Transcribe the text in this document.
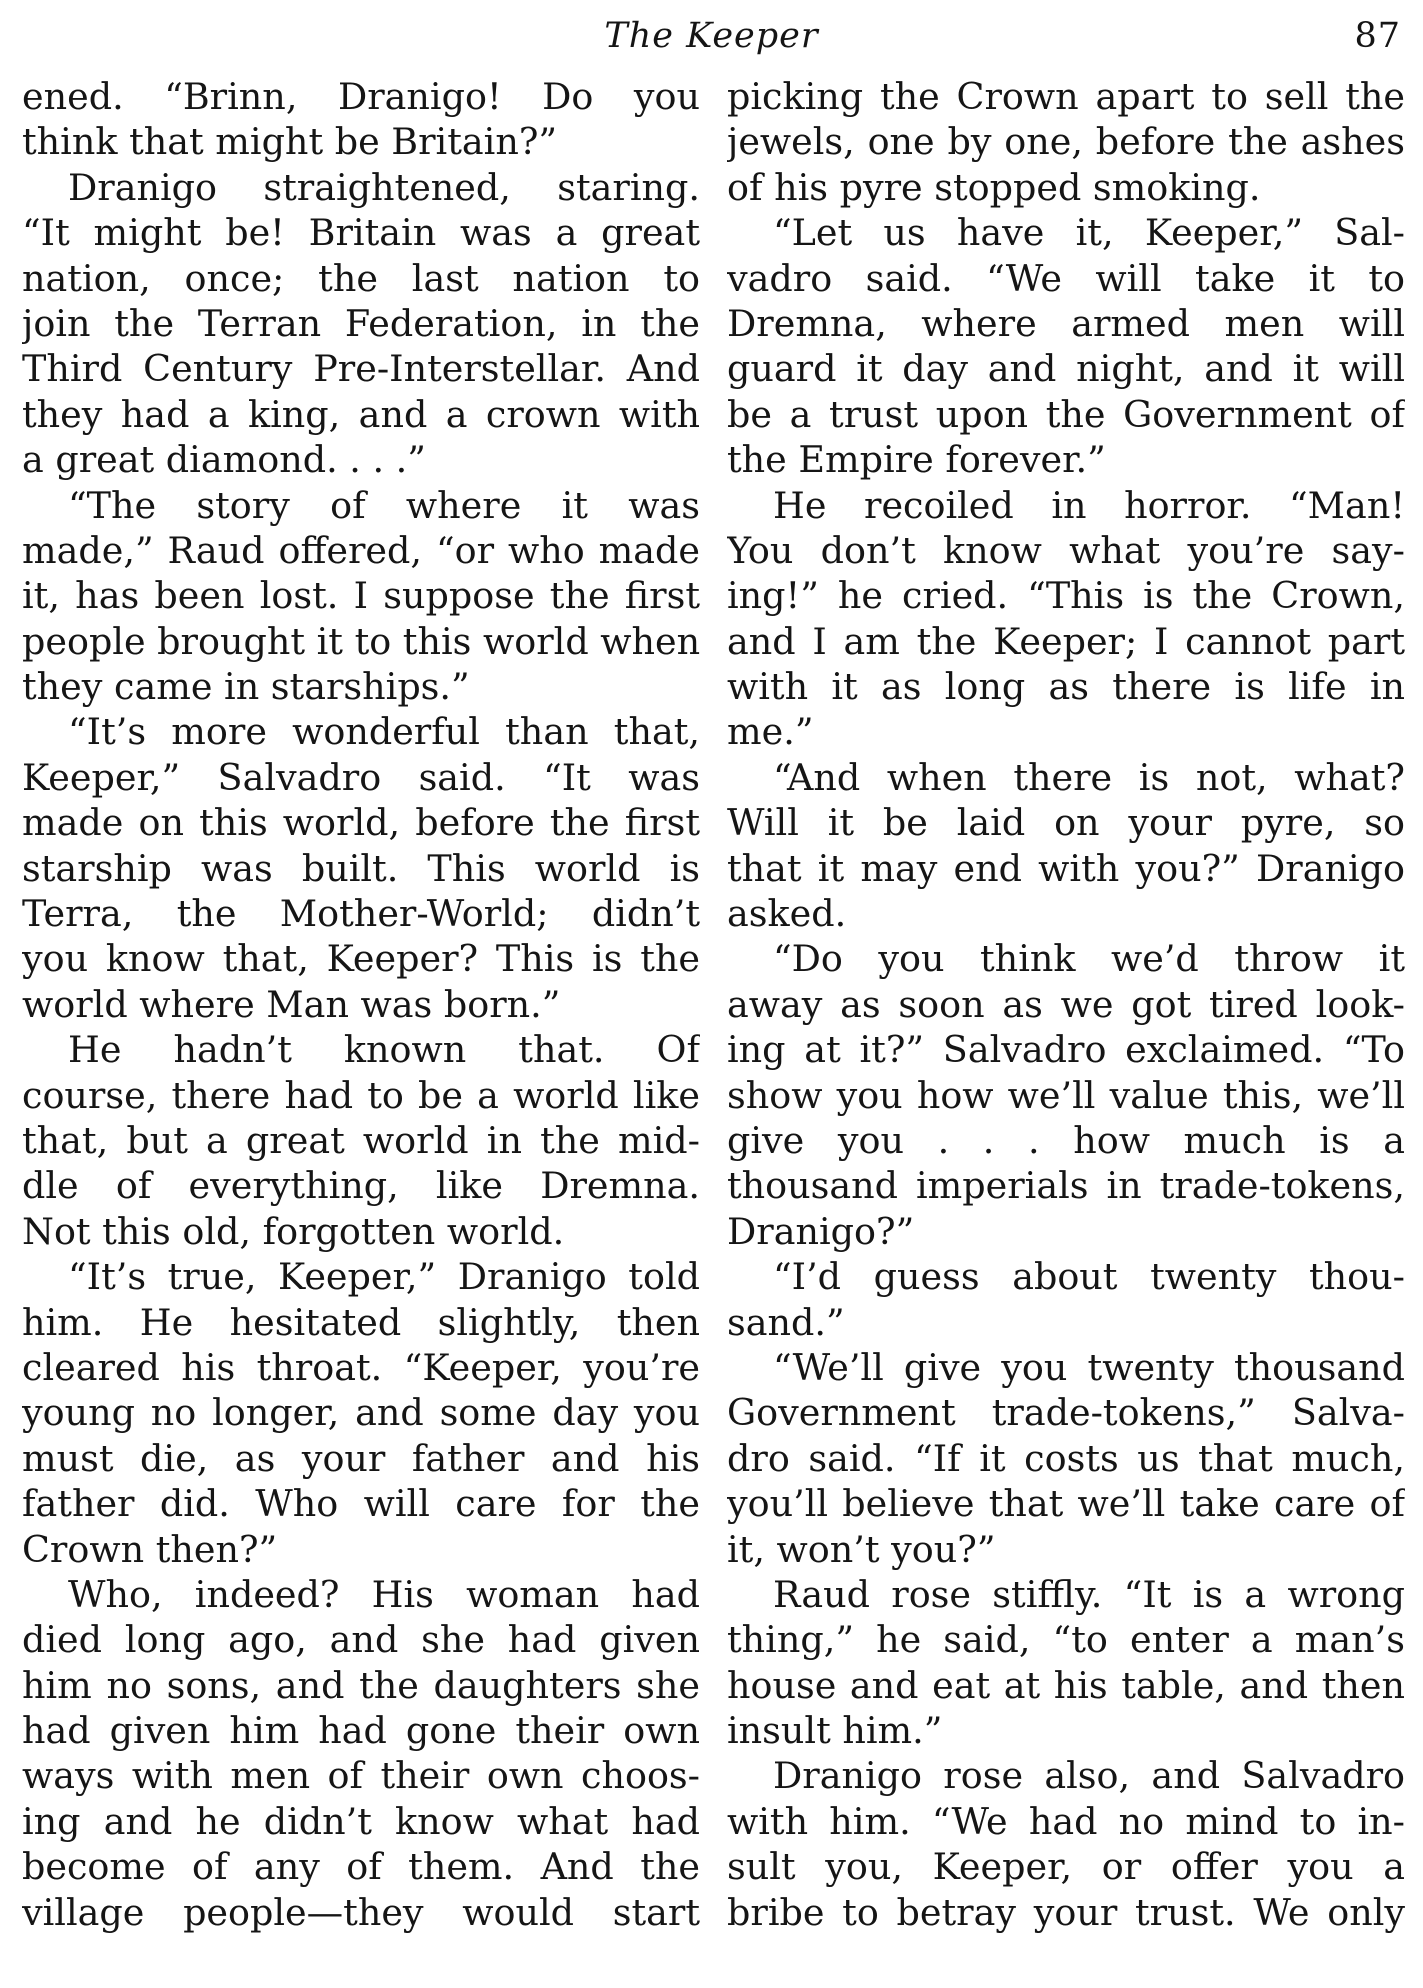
The Keeper	87
ened. “Brinn, Dranigo! Do you
think that might be Britain?”
Dranigo straightened, staring.
“It might be! Britain was a great
nation, once; the last nation to
join the Terran Federation, in the
Third Century Pre-Interstellar. And
they had a king, and a crown with
a great diamond. . . .”
“The story of where it was
made,” Raud offered, “or who made
it, has been lost. I suppose the first
people brought it to this world when
they came in starships.”
“It’s more wonderful than that,
Keeper,” Salvadro said. “It was
made on this world, before the first
starship was built. This world is
Terra, the Mother-World; didn’t
you know that, Keeper? This is the
world where Man was born.”
He hadn’t known that. Of
course, there had to be a world like
that, but a great world in the mid-
dle of everything, like Dremna.
Not this old, forgotten world.
“It’s true, Keeper,” Dranigo told
him. He hesitated slightly, then
cleared his throat. “Keeper, you’re
young no longer, and some day you
must die, as your father and his
father did. Who will care for the
Crown then?”
Who, indeed? His woman had
died long ago, and she had given
him no sons, and the daughters she
had given him had gone their own
ways with men of their own choos-
ing and he didn’t know what had
become of any of them. And the
village people—they would start
picking the Crown apart to sell the
jewels, one by one, before the ashes
of his pyre stopped smoking.
“Let us have it, Keeper,” Sal-
vadro said. “We will take it to
Dremna, where armed men will
guard it day and night, and it will
be a trust upon the Government of
the Empire forever.”
He recoiled in horror. “Man!
You don’t know what you’re say-
ing!” he cried. “This is the Crown,
and I am the Keeper; I cannot part
with it as long as there is life in
me.”
“And when there is not, what?
Will it be laid on your pyre, so
that it may end with you?” Dranigo
asked.
“Do you think we’d throw it
away as soon as we got tired look-
ing at it?” Salvadro exclaimed. “To
show you how we’ll value this, we’ll
give you . . . how much is a
thousand imperials in trade-tokens,
Dranigo?”
“I’d guess about twenty thou-
sand.”
“We’ll give you twenty thousand
Government trade-tokens,” Salva-
dro said. “If it costs us that much,
you’ll believe that we’ll take care of
it, won’t you?”
Raud rose stiffly. “It is a wrong
thing,” he said, “to enter a man’s
house and eat at his table, and then
insult him.”
Dranigo rose also, and Salvadro
with him. “We had no mind to in-
sult you, Keeper, or offer you a
bribe to betray your trust. We only
